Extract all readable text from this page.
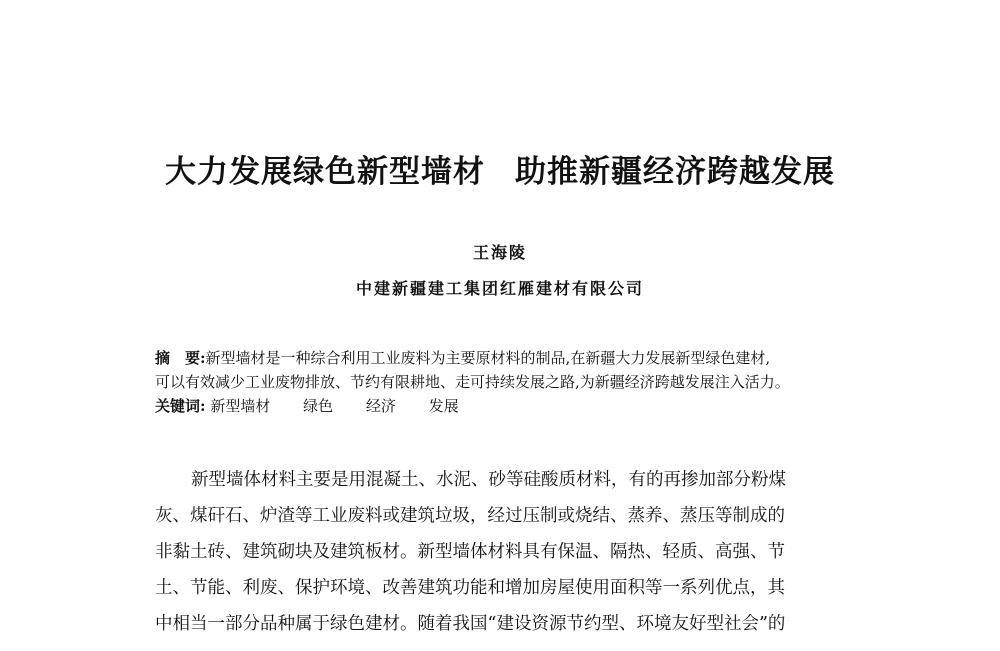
大力发展绿色新型墙材 助推新疆经济跨越发展
王海陵
中建新疆建工集团红雁建材有限公司
摘　要:新型墙材是一种综合利用工业废料为主要原材料的制品,在新疆大力发展新型绿色建材,
可以有效减少工业废物排放、节约有限耕地、走可持续发展之路,为新疆经济跨越发展注入活力。
关键词: 新型墙材 绿色 经济 发展
新型墙体材料主要是用混凝土、水泥、砂等硅酸质材料，有的再掺加部分粉煤
灰、煤矸石、炉渣等工业废料或建筑垃圾，经过压制或烧结、蒸养、蒸压等制成的
非黏土砖、建筑砌块及建筑板材。新型墙体材料具有保温、隔热、轻质、高强、节
土、节能、利废、保护环境、改善建筑功能和增加房屋使用面积等一系列优点，其
中相当一部分品种属于绿色建材。随着我国“建设资源节约型、环境友好型社会”的
